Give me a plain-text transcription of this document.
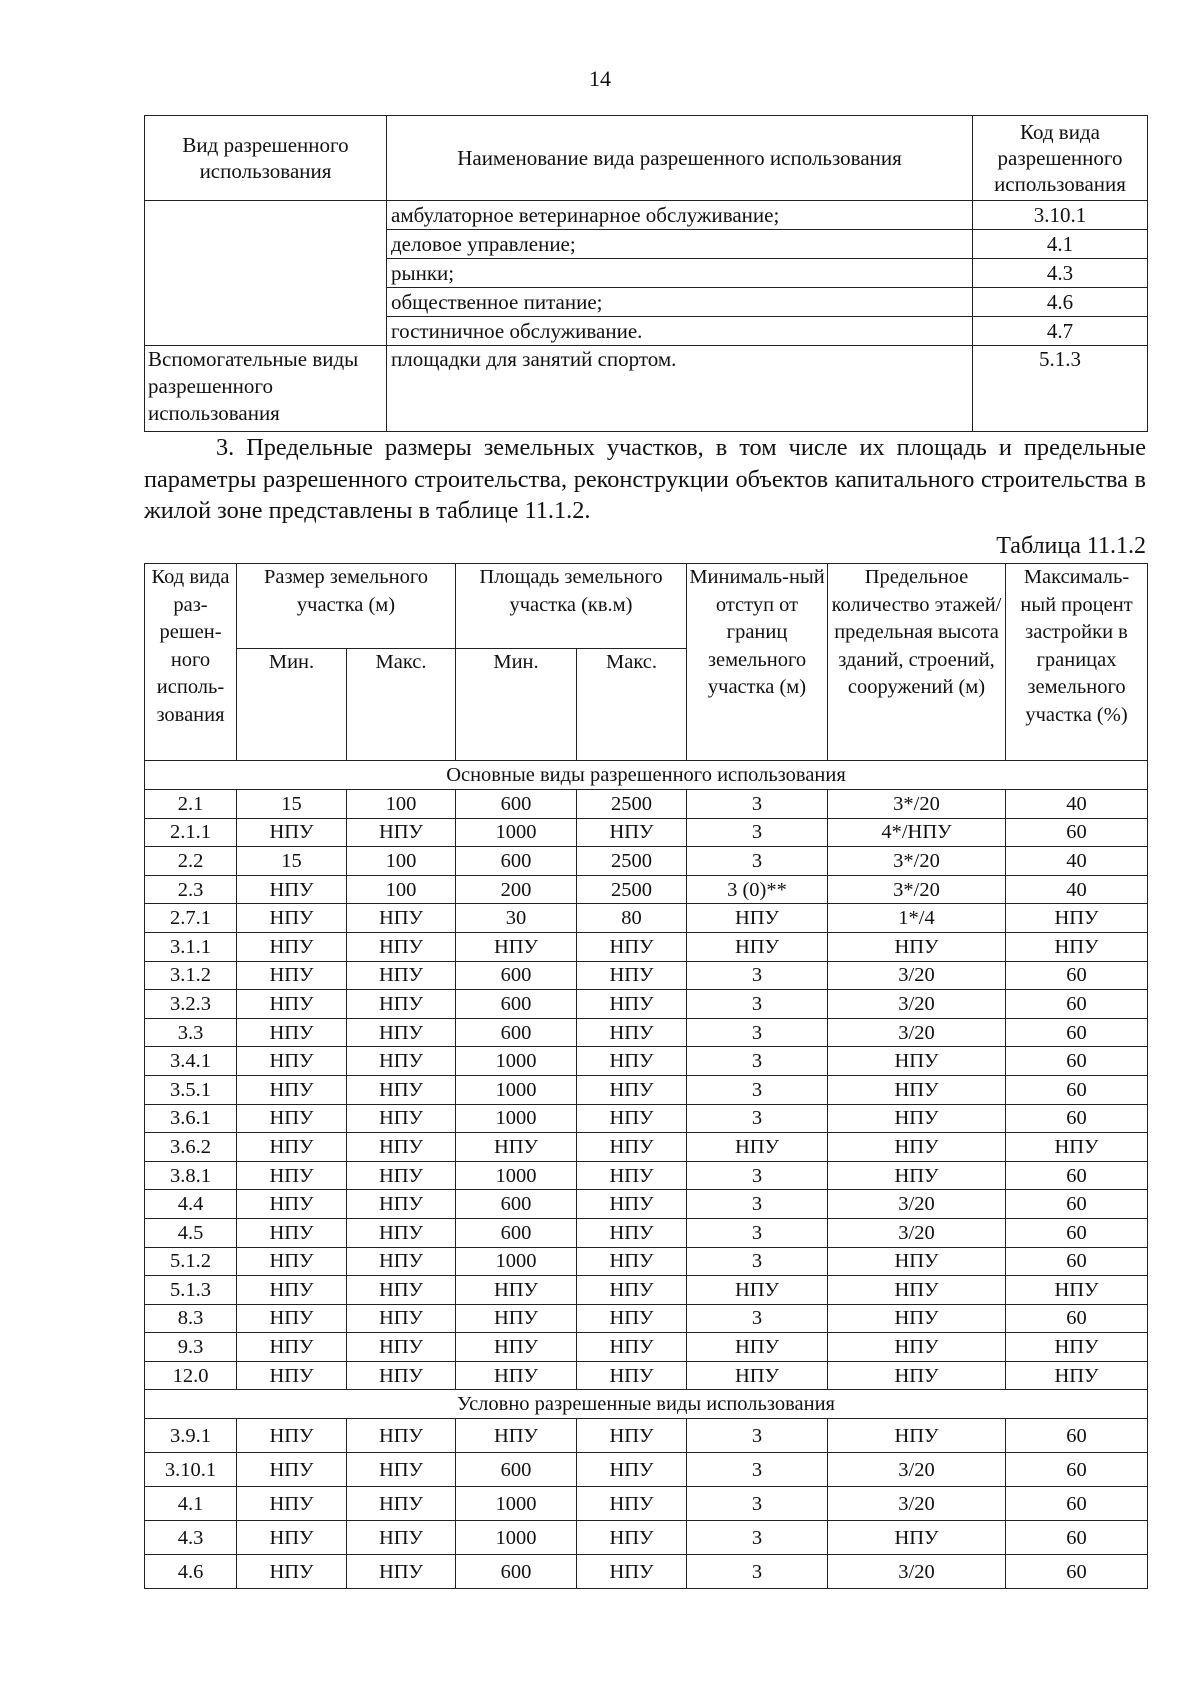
14
Вид разрешенного использования	Наименование вида разрешенного использования	Код вида разрешенного использования
	амбулаторное ветеринарное обслуживание;	3.10.1
	деловое управление;	4.1
	рынки;	4.3
	общественное питание;	4.6
	гостиничное обслуживание.	4.7
Вспомогательные виды разрешенного использования	площадки для занятий спортом.	5.1.3

3. Предельные размеры земельных участков, в том числе их площадь и предельные параметры разрешенного строительства, реконструкции объектов капитального строительства в жилой зоне представлены в таблице 11.1.2.

Таблица 11.1.2
Код вида раз-решен-ного исполь-зования	Размер земельного участка (м)		Площадь земельного участка (кв.м)		Минималь-ный отступ от границ земельного участка (м)	Предельное количество этажей/ предельная высота зданий, строений, сооружений (м)	Максималь-ный процент застройки в границах земельного участка (%)
	Мин.	Макс.	Мин.	Макс.			
Основные виды разрешенного использования							
2.1	15	100	600	2500	3	3*/20	40
2.1.1	НПУ	НПУ	1000	НПУ	3	4*/НПУ	60
2.2	15	100	600	2500	3	3*/20	40
2.3	НПУ	100	200	2500	3 (0)**	3*/20	40
2.7.1	НПУ	НПУ	30	80	НПУ	1*/4	НПУ
3.1.1	НПУ	НПУ	НПУ	НПУ	НПУ	НПУ	НПУ
3.1.2	НПУ	НПУ	600	НПУ	3	3/20	60
3.2.3	НПУ	НПУ	600	НПУ	3	3/20	60
3.3	НПУ	НПУ	600	НПУ	3	3/20	60
3.4.1	НПУ	НПУ	1000	НПУ	3	НПУ	60
3.5.1	НПУ	НПУ	1000	НПУ	3	НПУ	60
3.6.1	НПУ	НПУ	1000	НПУ	3	НПУ	60
3.6.2	НПУ	НПУ	НПУ	НПУ	НПУ	НПУ	НПУ
3.8.1	НПУ	НПУ	1000	НПУ	3	НПУ	60
4.4	НПУ	НПУ	600	НПУ	3	3/20	60
4.5	НПУ	НПУ	600	НПУ	3	3/20	60
5.1.2	НПУ	НПУ	1000	НПУ	3	НПУ	60
5.1.3	НПУ	НПУ	НПУ	НПУ	НПУ	НПУ	НПУ
8.3	НПУ	НПУ	НПУ	НПУ	3	НПУ	60
9.3	НПУ	НПУ	НПУ	НПУ	НПУ	НПУ	НПУ
12.0	НПУ	НПУ	НПУ	НПУ	НПУ	НПУ	НПУ
Условно разрешенные виды использования							
3.9.1	НПУ	НПУ	НПУ	НПУ	3	НПУ	60
3.10.1	НПУ	НПУ	600	НПУ	3	3/20	60
4.1	НПУ	НПУ	1000	НПУ	3	3/20	60
4.3	НПУ	НПУ	1000	НПУ	3	НПУ	60
4.6	НПУ	НПУ	600	НПУ	3	3/20	60
